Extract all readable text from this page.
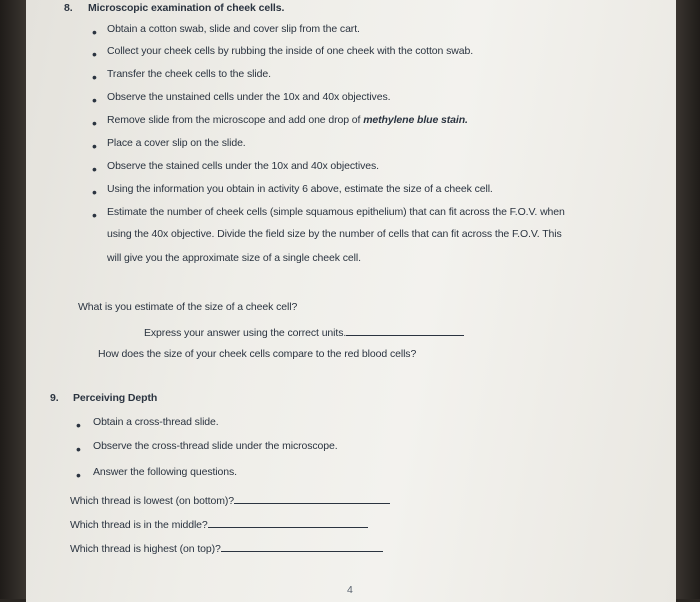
8. Microscopic examination of cheek cells.
• Obtain a cotton swab, slide and cover slip from the cart.
• Collect your cheek cells by rubbing the inside of one cheek with the cotton swab.
• Transfer the cheek cells to the slide.
• Observe the unstained cells under the 10x and 40x objectives.
• Remove slide from the microscope and add one drop of methylene blue stain.
• Place a cover slip on the slide.
• Observe the stained cells under the 10x and 40x objectives.
• Using the information you obtain in activity 6 above, estimate the size of a cheek cell.
• Estimate the number of cheek cells (simple squamous epithelium) that can fit across the F.O.V. when
using the 40x objective. Divide the field size by the number of cells that can fit across the F.O.V. This
will give you the approximate size of a single cheek cell.
What is you estimate of the size of a cheek cell?
Express your answer using the correct units.
How does the size of your cheek cells compare to the red blood cells?
9. Perceiving Depth
• Obtain a cross-thread slide.
• Observe the cross-thread slide under the microscope.
• Answer the following questions.
Which thread is lowest (on bottom)?
Which thread is in the middle?
Which thread is highest (on top)?
4
